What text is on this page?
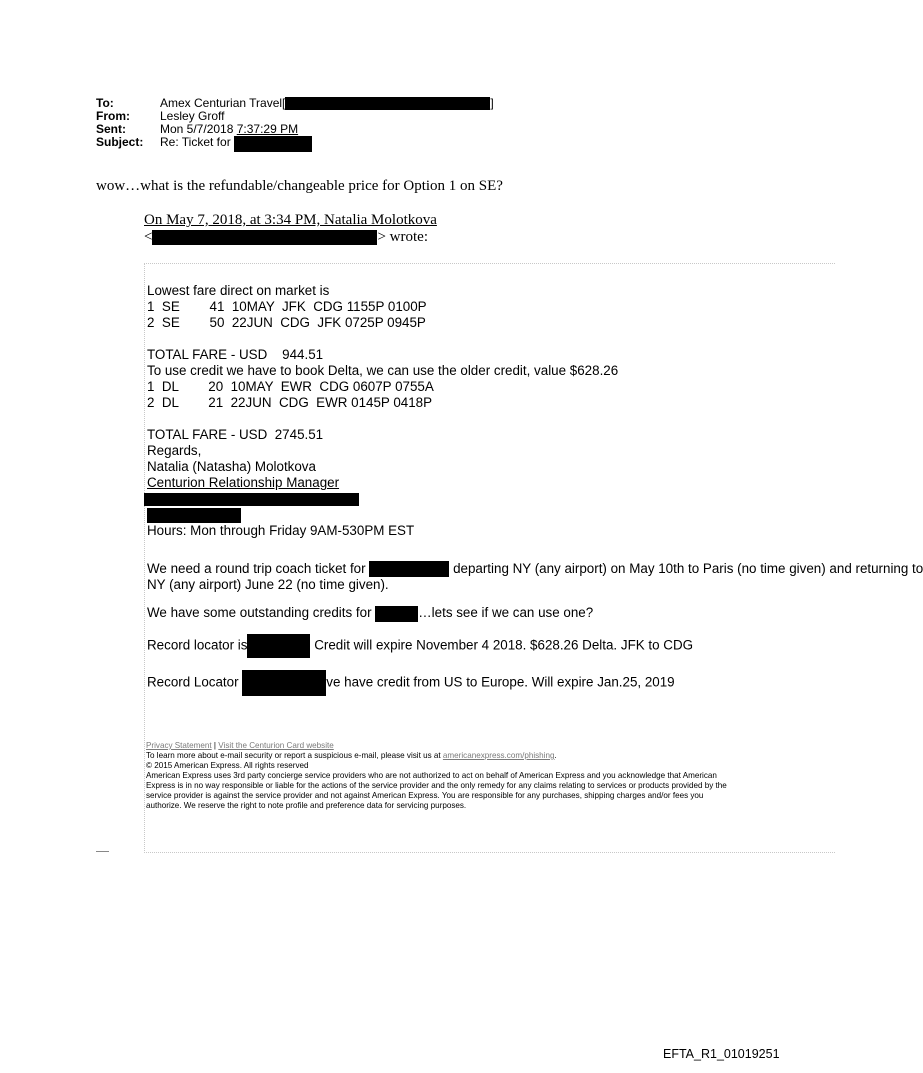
To:	Amex Centurian Travel[	]
From:	Lesley Groff
Sent:	Mon 5/7/2018
7:37:29 PM
Subject:	Re: Ticket for

wow…what is the refundable/changeable price for Option 1 on SE?
On May 7, 2018, at 3:34 PM, Natalia Molotkova
<	> wrote:
Lowest fare direct on market is
1  SE        41  10MAY  JFK  CDG 1155P 0100P
2  SE        50  22JUN  CDG  JFK 0725P 0945P
TOTAL FARE - USD    944.51
To use credit we have to book Delta, we can use the older credit, value $628.26
1  DL        20  10MAY  EWR  CDG 0607P 0755A
2  DL        21  22JUN  CDG  EWR 0145P 0418P
TOTAL FARE - USD  2745.51
Regards,
Natalia (Natasha) Molotkova
Centurion Relationship Manager
Hours: Mon through Friday 9AM-530PM EST
We need a round trip coach ticket for	departing NY (any airport) on May 10th to Paris (no time given) and returning to
NY (any airport) June 22 (no time given).
We have some outstanding credits for	…lets see if we can use one?
Record locator is	Credit will expire November 4 2018. $628.26 Delta. JFK to CDG
Record Locator	ve have credit from US to Europe. Will expire Jan.25, 2019
Privacy Statement | Visit the Centurion Card website
To learn more about e-mail security or report a suspicious e-mail, please visit us at americanexpress.com/phishing.
© 2015 American Express. All rights reserved
American Express uses 3rd party concierge service providers who are not authorized to act on behalf of American Express and you acknowledge that American
Express is in no way responsible or liable for the actions of the service provider and the only remedy for any claims relating to services or products provided by the
service provider is against the service provider and not against American Express. You are responsible for any purchases, shipping charges and/or fees you
authorize. We reserve the right to note profile and preference data for servicing purposes.
EFTA_R1_01019251
